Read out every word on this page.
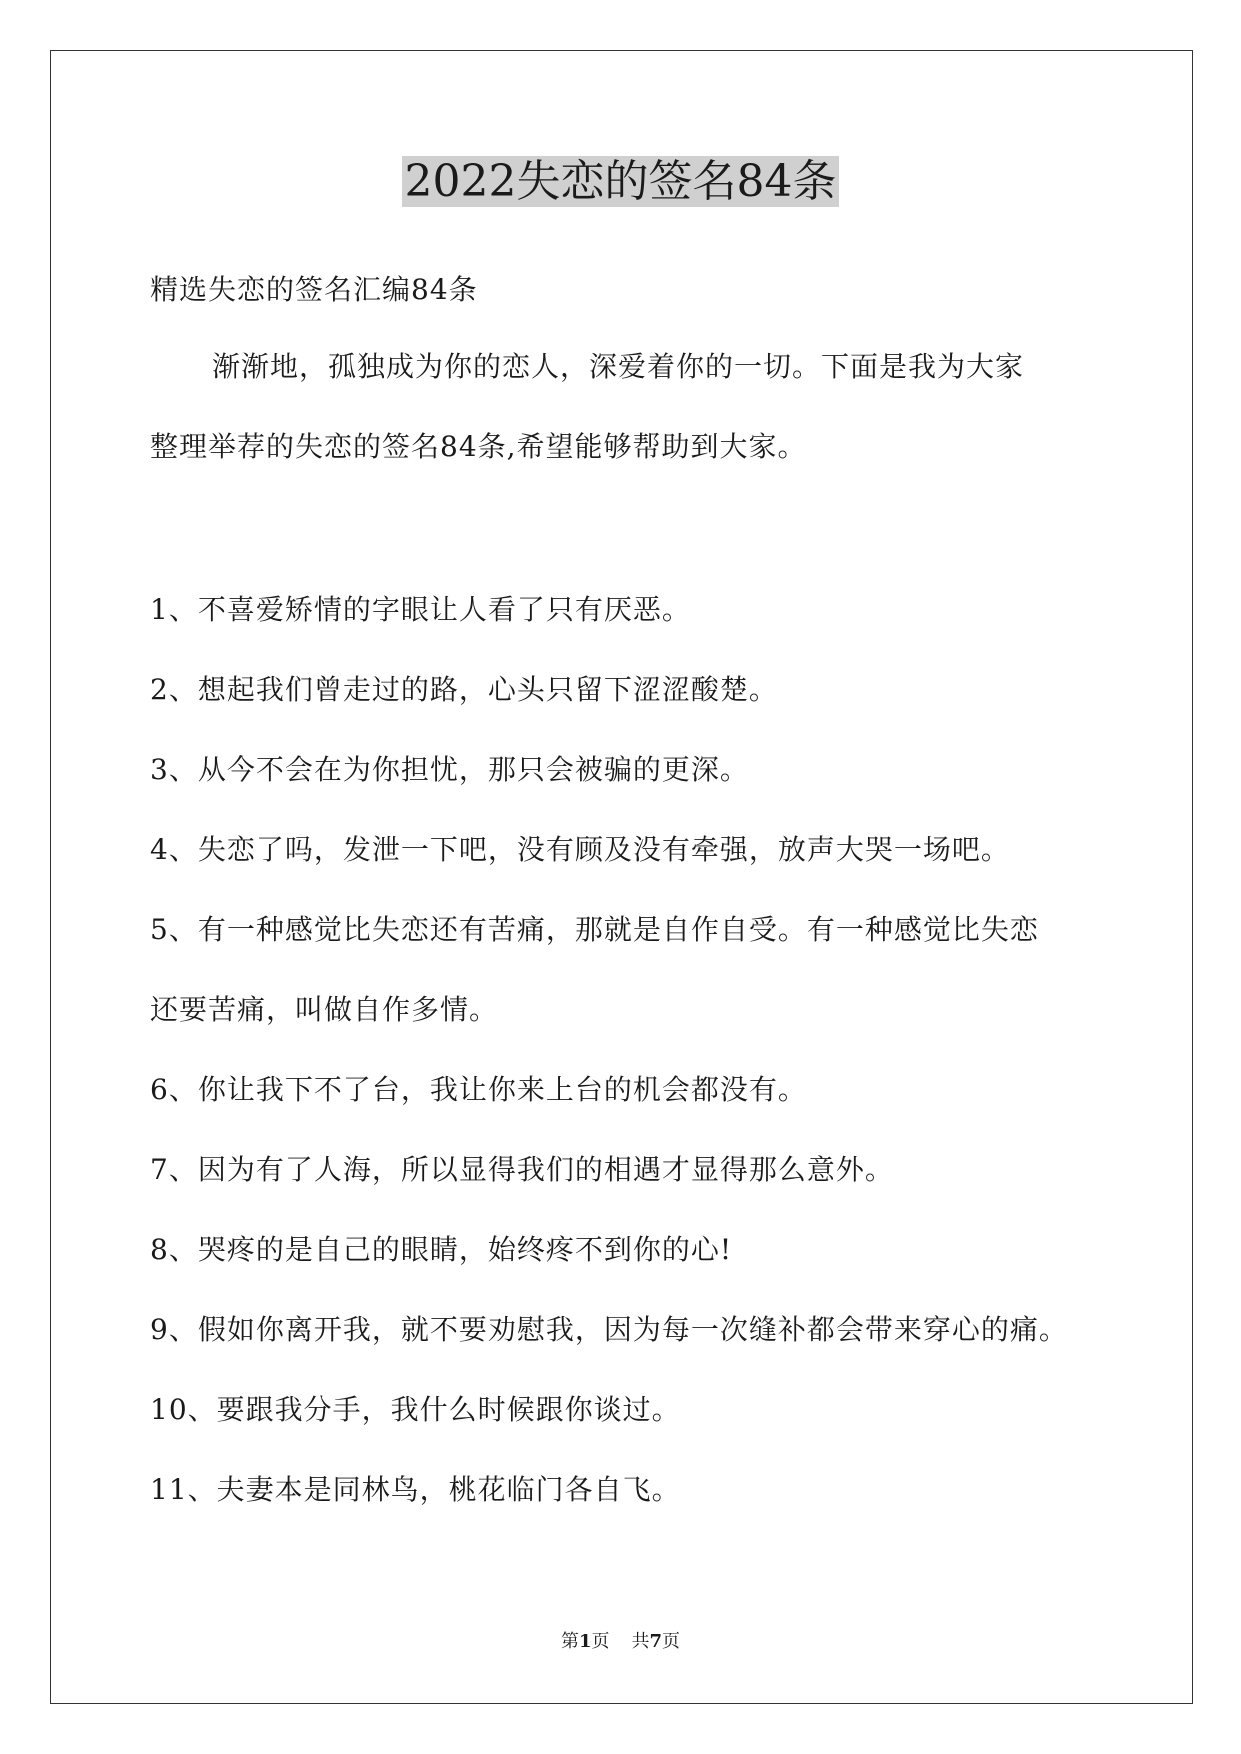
2022失恋的签名84条
精选失恋的签名汇编84条
渐渐地，孤独成为你的恋人，深爱着你的一切。下面是我为大家
整理举荐的失恋的签名84条,希望能够帮助到大家。
1、不喜爱矫情的字眼让人看了只有厌恶。
2、想起我们曾走过的路，心头只留下涩涩酸楚。
3、从今不会在为你担忧，那只会被骗的更深。
4、失恋了吗，发泄一下吧，没有顾及没有牵强，放声大哭一场吧。
5、有一种感觉比失恋还有苦痛，那就是自作自受。有一种感觉比失恋
还要苦痛，叫做自作多情。
6、你让我下不了台，我让你来上台的机会都没有。
7、因为有了人海，所以显得我们的相遇才显得那么意外。
8、哭疼的是自己的眼睛，始终疼不到你的心!
9、假如你离开我，就不要劝慰我，因为每一次缝补都会带来穿心的痛。
10、要跟我分手，我什么时候跟你谈过。
11、夫妻本是同林鸟，桃花临门各自飞。
第1页 共7页
